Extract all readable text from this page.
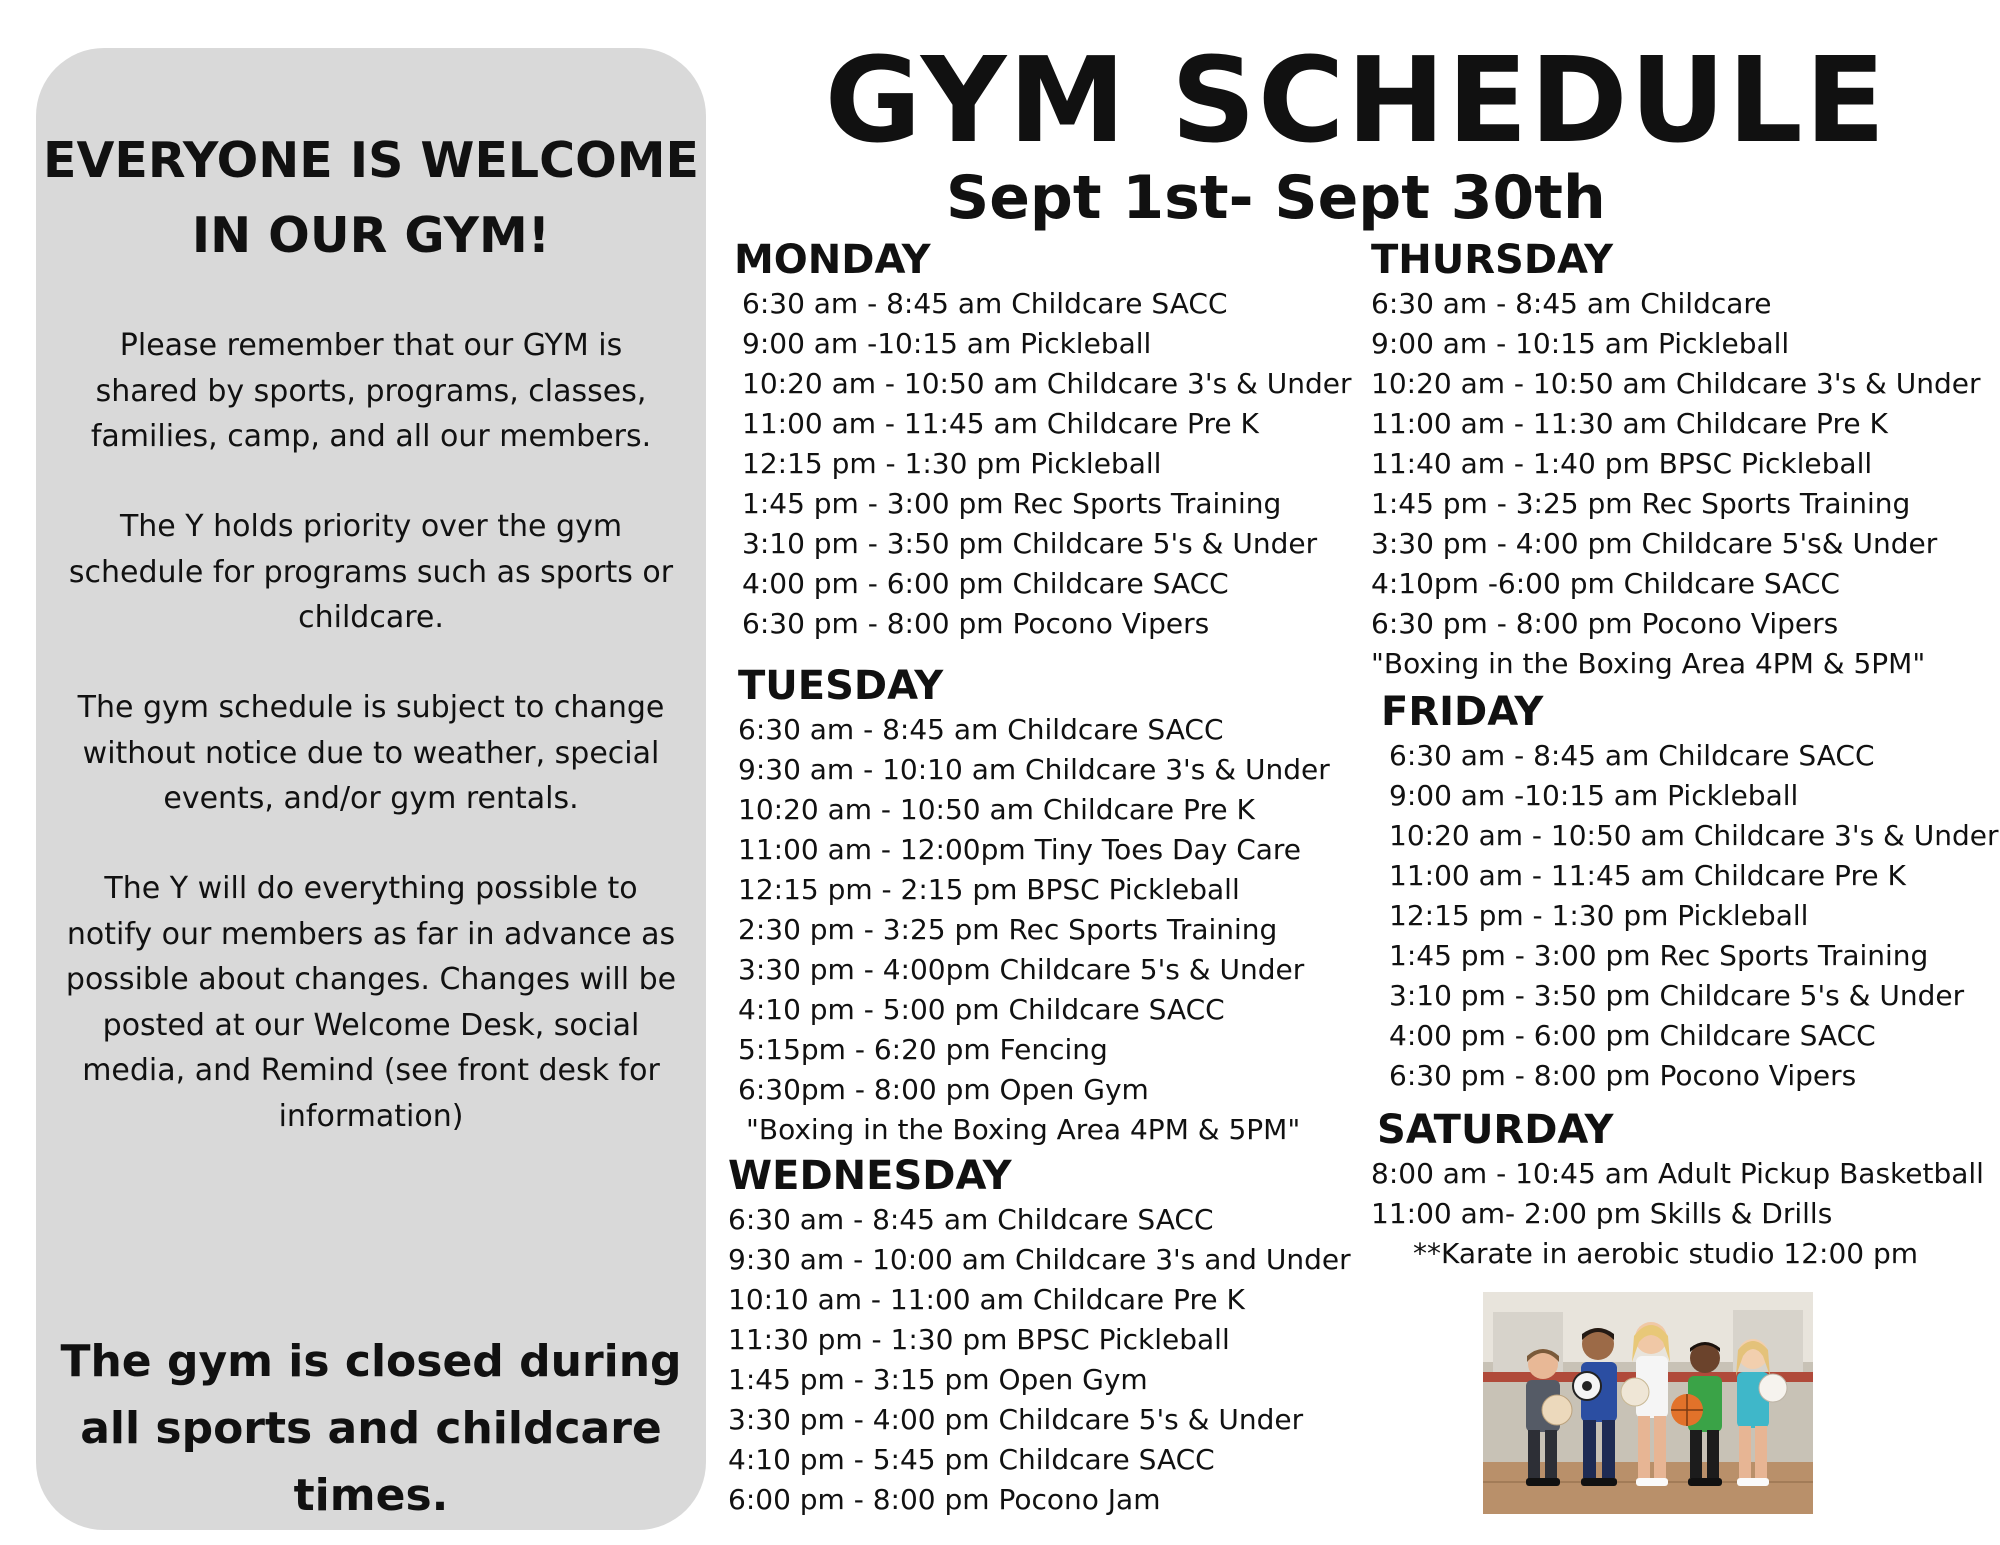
EVERYONE IS WELCOME
IN OUR GYM!

Please remember that our GYM is shared by sports, programs, classes, families, camp, and all our members.

The Y holds priority over the gym schedule for programs such as sports or childcare.

The gym schedule is subject to change without notice due to weather, special events, and/or gym rentals.

The Y will do everything possible to notify our members as far in advance as possible about changes. Changes will be posted at our Welcome Desk, social media, and Remind (see front desk for information)

The gym is closed during all sports and childcare times.

GYM SCHEDULE
Sept 1st- Sept 30th
MONDAY
6:30 am - 8:45 am Childcare SACC
9:00 am -10:15 am Pickleball
10:20 am - 10:50 am Childcare 3's & Under
11:00 am - 11:45 am Childcare Pre K
12:15 pm - 1:30 pm Pickleball
1:45 pm - 3:00 pm Rec Sports Training
3:10 pm - 3:50 pm Childcare 5's & Under
4:00 pm - 6:00 pm Childcare SACC
6:30 pm - 8:00 pm Pocono Vipers
TUESDAY
6:30 am - 8:45 am Childcare SACC
9:30 am - 10:10 am Childcare 3's & Under
10:20 am - 10:50 am Childcare Pre K
11:00 am - 12:00pm Tiny Toes Day Care
12:15 pm - 2:15 pm BPSC Pickleball
2:30 pm - 3:25 pm Rec Sports Training
3:30 pm - 4:00pm Childcare 5's & Under
4:10 pm - 5:00 pm Childcare SACC
5:15pm - 6:20 pm Fencing
6:30pm - 8:00 pm Open Gym
"Boxing in the Boxing Area 4PM & 5PM"
WEDNESDAY
6:30 am - 8:45 am Childcare SACC
9:30 am - 10:00 am Childcare 3's and Under
10:10 am - 11:00 am Childcare Pre K
11:30 pm - 1:30 pm BPSC Pickleball
1:45 pm - 3:15 pm Open Gym
3:30 pm - 4:00 pm Childcare 5's & Under
4:10 pm - 5:45 pm Childcare SACC
6:00 pm - 8:00 pm Pocono Jam
THURSDAY
6:30 am - 8:45 am Childcare
9:00 am - 10:15 am Pickleball
10:20 am - 10:50 am Childcare 3's & Under
11:00 am - 11:30 am Childcare Pre K
11:40 am - 1:40 pm BPSC Pickleball
1:45 pm - 3:25 pm Rec Sports Training
3:30 pm - 4:00 pm Childcare 5's& Under
4:10pm -6:00 pm Childcare SACC
6:30 pm - 8:00 pm Pocono Vipers
"Boxing in the Boxing Area 4PM & 5PM"
FRIDAY
6:30 am - 8:45 am Childcare SACC
9:00 am -10:15 am Pickleball
10:20 am - 10:50 am Childcare 3's & Under
11:00 am - 11:45 am Childcare Pre K
12:15 pm - 1:30 pm Pickleball
1:45 pm - 3:00 pm Rec Sports Training
3:10 pm - 3:50 pm Childcare 5's & Under
4:00 pm - 6:00 pm Childcare SACC
6:30 pm - 8:00 pm Pocono Vipers
SATURDAY
8:00 am - 10:45 am Adult Pickup Basketball
11:00 am- 2:00 pm Skills & Drills
**Karate in aerobic studio 12:00 pm
